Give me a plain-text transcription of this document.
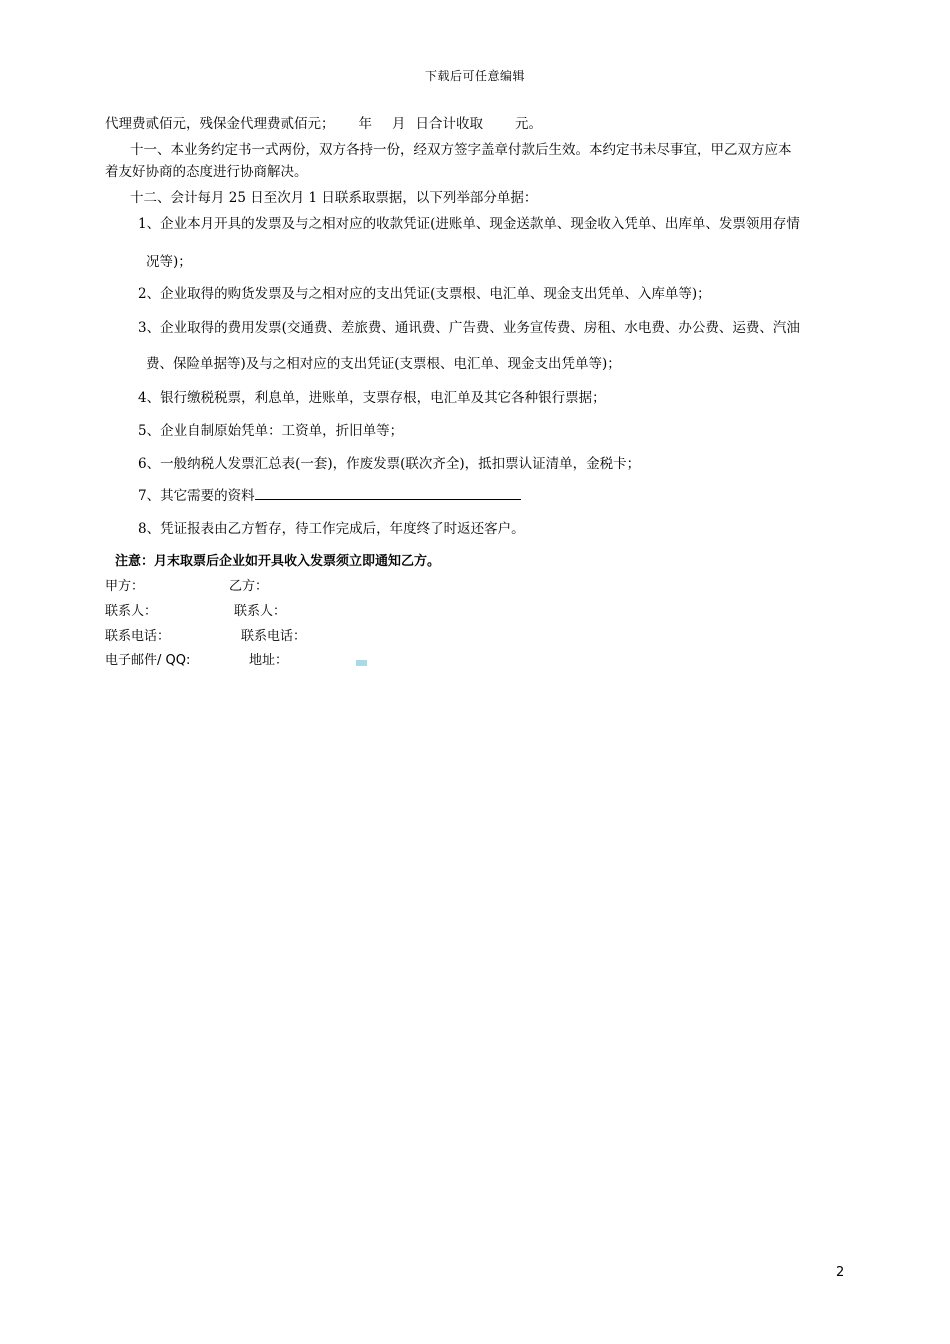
下载后可任意编辑
代理费贰佰元，残保金代理费贰佰元； 年 月 日合计收取 元。
十一、本业务约定书一式两份，双方各持一份，经双方签字盖章付款后生效。本约定书未尽事宜，甲乙双方应本
着友好协商的态度进行协商解决。
十二、会计每月 25 日至次月 1 日联系取票据，以下列举部分单据：
1、企业本月开具的发票及与之相对应的收款凭证(进账单、现金送款单、现金收入凭单、出库单、发票领用存情
况等)；
2、企业取得的购货发票及与之相对应的支出凭证(支票根、电汇单、现金支出凭单、入库单等)；
3、企业取得的费用发票(交通费、差旅费、通讯费、广告费、业务宣传费、房租、水电费、办公费、运费、汽油
费、保险单据等)及与之相对应的支出凭证(支票根、电汇单、现金支出凭单等)；
4、银行缴税税票，利息单，进账单，支票存根，电汇单及其它各种银行票据；
5、企业自制原始凭单：工资单，折旧单等；
6、一般纳税人发票汇总表(一套)，作废发票(联次齐全)，抵扣票认证清单，金税卡；
7、其它需要的资料
8、凭证报表由乙方暂存，待工作完成后，年度终了时返还客户。
注意：月末取票后企业如开具收入发票须立即通知乙方。
甲方：	乙方：
联系人：	联系人：
联系电话：	联系电话：
电子邮件/ QQ:	地址：
2
